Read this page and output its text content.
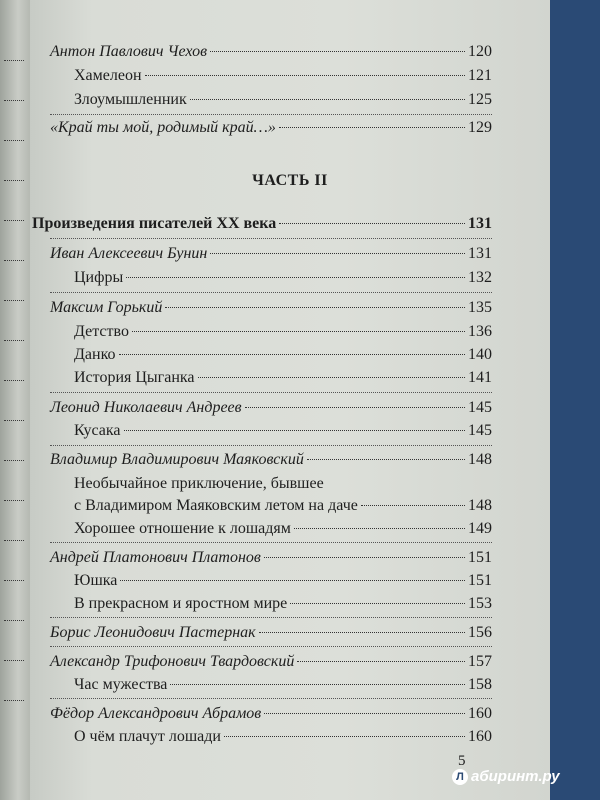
Антон Павлович Чехов	120
Хамелеон	121
Злоумышленник	125
«Край ты мой, родимый край…»	129
ЧАСТЬ II
Произведения писателей XX века	131
Иван Алексеевич Бунин	131
Цифры	132
Максим Горький	135
Детство	136
Данко	140
История Цыганка	141
Леонид Николаевич Андреев	145
Кусака	145
Владимир Владимирович Маяковский	148
Необычайное приключение, бывшее
с Владимиром Маяковским летом на даче	148
Хорошее отношение к лошадям	149
Андрей Платонович Платонов	151
Юшка	151
В прекрасном и яростном мире	153
Борис Леонидович Пастернак	156
Александр Трифонович Твардовский	157
Час мужества	158
Фёдор Александрович Абрамов	160
О чём плачут лошади	160
5
Л абиринт.ру
